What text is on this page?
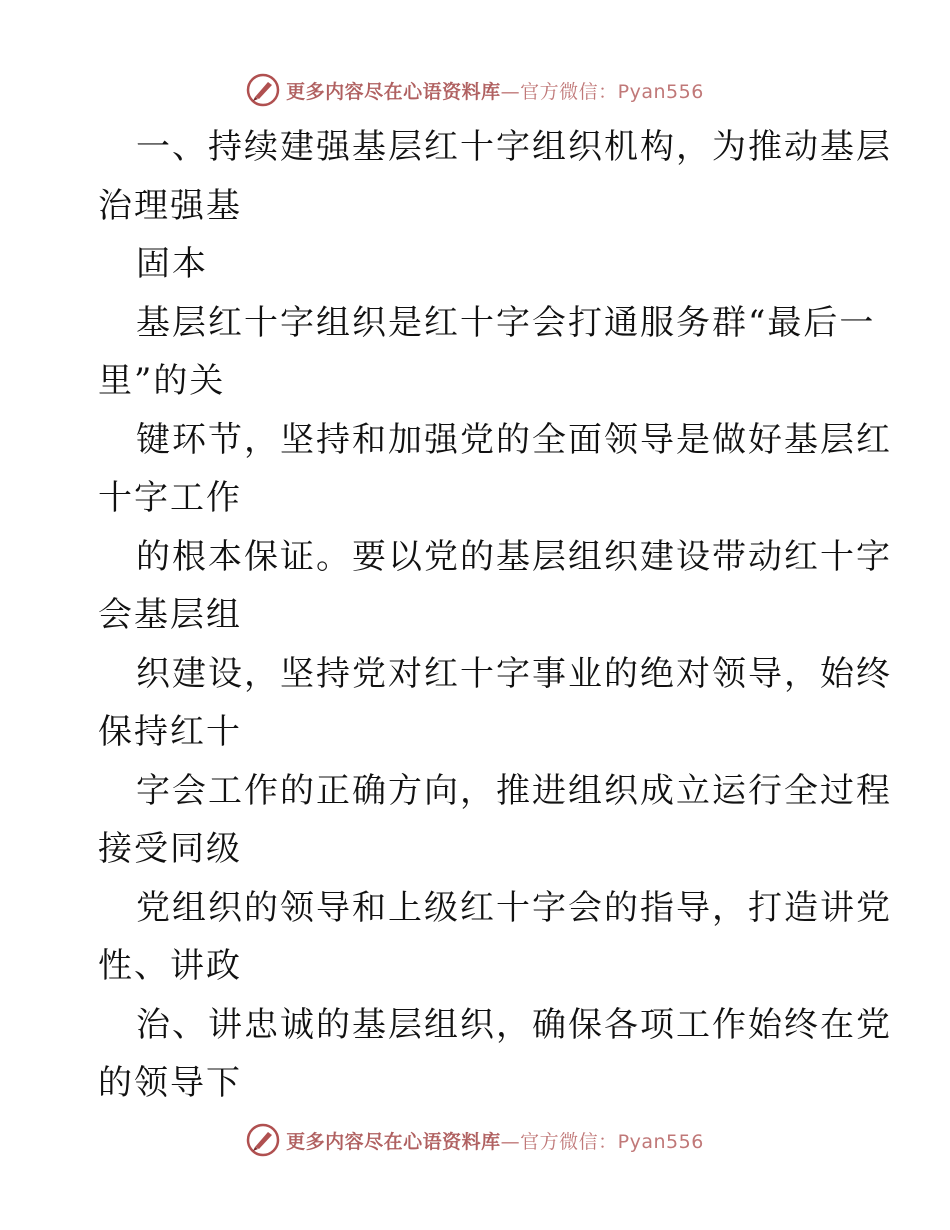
更多内容尽在心语资料库—官方微信：Pyan556
一、持续建强基层红十字组织机构，为推动基层
治理强基
固本
基层红十字组织是红十字会打通服务群“最后一
里”的关
键环节，坚持和加强党的全面领导是做好基层红
十字工作
的根本保证。要以党的基层组织建设带动红十字
会基层组
织建设，坚持党对红十字事业的绝对领导，始终
保持红十
字会工作的正确方向，推进组织成立运行全过程
接受同级
党组织的领导和上级红十字会的指导，打造讲党
性、讲政
治、讲忠诚的基层组织，确保各项工作始终在党
的领导下
更多内容尽在心语资料库—官方微信：Pyan556
